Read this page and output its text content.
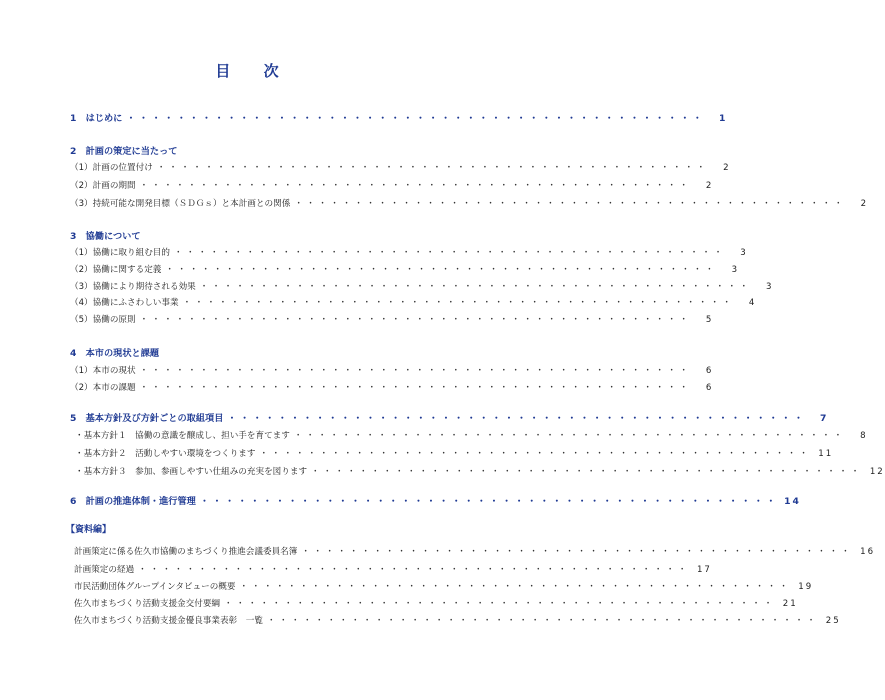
目 次
1　はじめに ・・・・・・・・・・・・・・・・・・・・・・・・・・・・・・・・・・・・・・・・・・・・・・	1
2　計画の策定に当たって
（1）計画の位置付け ・・・・・・・・・・・・・・・・・・・・・・・・・・・・・・・・・・・・・・・・・・・・・・	2
（2）計画の期間 ・・・・・・・・・・・・・・・・・・・・・・・・・・・・・・・・・・・・・・・・・・・・・・	2
（3）持続可能な開発目標（ＳＤＧｓ）と本計画との関係 ・・・・・・・・・・・・・・・・・・・・・・・・・・・・・・・・・・・・・・・・・・・・・・	2
3　協働について
（1）協働に取り組む目的 ・・・・・・・・・・・・・・・・・・・・・・・・・・・・・・・・・・・・・・・・・・・・・・	3
（2）協働に関する定義 ・・・・・・・・・・・・・・・・・・・・・・・・・・・・・・・・・・・・・・・・・・・・・・	3
（3）協働により期待される効果 ・・・・・・・・・・・・・・・・・・・・・・・・・・・・・・・・・・・・・・・・・・・・・・	3
（4）協働にふさわしい事業 ・・・・・・・・・・・・・・・・・・・・・・・・・・・・・・・・・・・・・・・・・・・・・・	4
（5）協働の原則 ・・・・・・・・・・・・・・・・・・・・・・・・・・・・・・・・・・・・・・・・・・・・・・	5
4　本市の現状と課題
（1）本市の現状 ・・・・・・・・・・・・・・・・・・・・・・・・・・・・・・・・・・・・・・・・・・・・・・	6
（2）本市の課題 ・・・・・・・・・・・・・・・・・・・・・・・・・・・・・・・・・・・・・・・・・・・・・・	6
5　基本方針及び方針ごとの取組項目 ・・・・・・・・・・・・・・・・・・・・・・・・・・・・・・・・・・・・・・・・・・・・・・	7
・基本方針１　協働の意識を醸成し、担い手を育てます ・・・・・・・・・・・・・・・・・・・・・・・・・・・・・・・・・・・・・・・・・・・・・・	8
・基本方針２　活動しやすい環境をつくります ・・・・・・・・・・・・・・・・・・・・・・・・・・・・・・・・・・・・・・・・・・・・・・ 11
・基本方針３　参加、参画しやすい仕組みの充実を図ります ・・・・・・・・・・・・・・・・・・・・・・・・・・・・・・・・・・・・・・・・・・・・・・ 12
6　計画の推進体制・進行管理 ・・・・・・・・・・・・・・・・・・・・・・・・・・・・・・・・・・・・・・・・・・・・・・ 14
【資料編】
計画策定に係る佐久市協働のまちづくり推進会議委員名簿 ・・・・・・・・・・・・・・・・・・・・・・・・・・・・・・・・・・・・・・・・・・・・・・ 16
計画策定の経過 ・・・・・・・・・・・・・・・・・・・・・・・・・・・・・・・・・・・・・・・・・・・・・・ 17
市民活動団体グループインタビューの概要 ・・・・・・・・・・・・・・・・・・・・・・・・・・・・・・・・・・・・・・・・・・・・・・ 19
佐久市まちづくり活動支援金交付要綱 ・・・・・・・・・・・・・・・・・・・・・・・・・・・・・・・・・・・・・・・・・・・・・・ 21
佐久市まちづくり活動支援金優良事業表彰　一覧 ・・・・・・・・・・・・・・・・・・・・・・・・・・・・・・・・・・・・・・・・・・・・・・ 25
